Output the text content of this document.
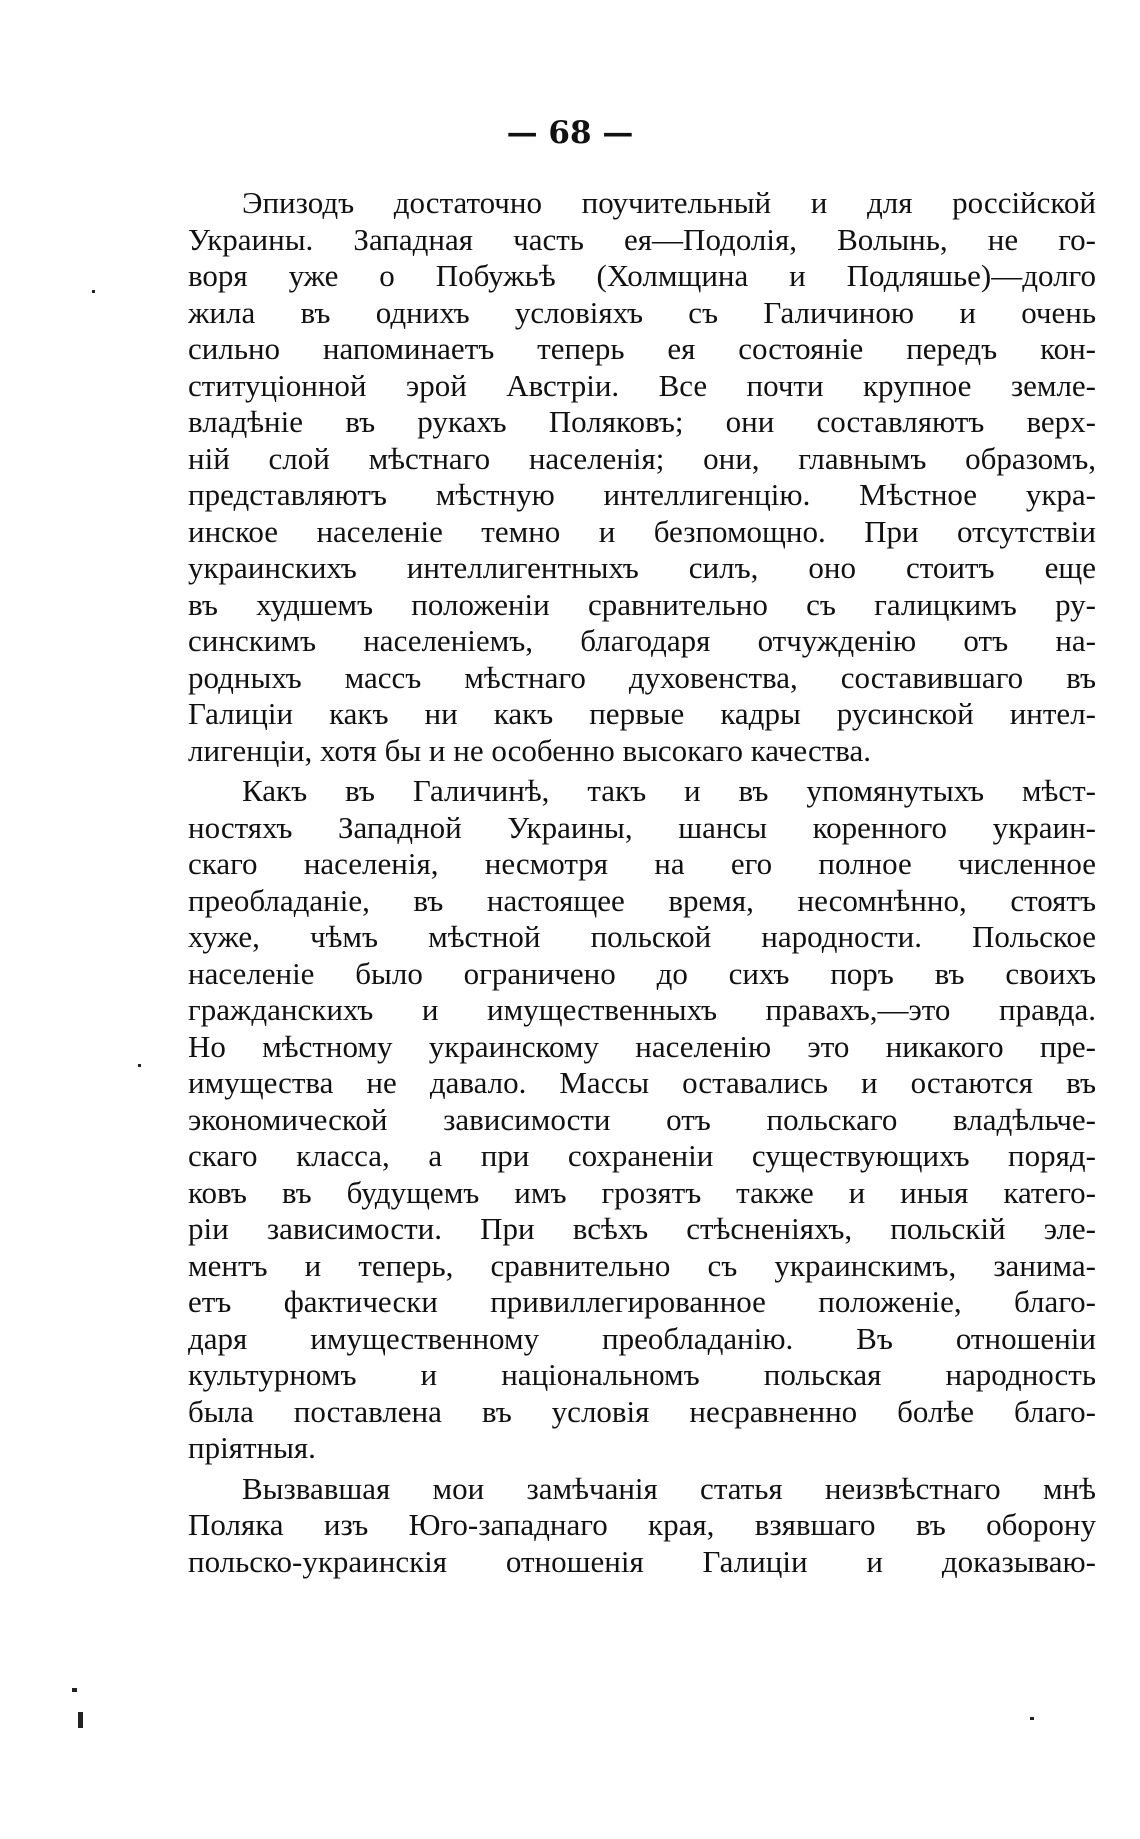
— 68 —
Эпизодъ достаточно поучительный и для россійской
Украины. Западная часть ея—Подолія, Волынь, не го-
воря уже о Побужьѣ (Холмщина и Подляшье)—долго
жила въ однихъ условіяхъ съ Галичиною и очень
сильно напоминаетъ теперь ея состояніе передъ кон-
ституціонной эрой Австріи. Все почти крупное земле-
владѣніе въ рукахъ Поляковъ; они составляютъ верх-
ній слой мѣстнаго населенія; они, главнымъ образомъ,
представляютъ мѣстную интеллигенцію. Мѣстное укра-
инское населеніе темно и безпомощно. При отсутствіи
украинскихъ интеллигентныхъ силъ, оно стоитъ еще
въ худшемъ положеніи сравнительно съ галицкимъ ру-
синскимъ населеніемъ, благодаря отчужденію отъ на-
родныхъ массъ мѣстнаго духовенства, составившаго въ
Галиціи какъ ни какъ первые кадры русинской интел-
лигенціи, хотя бы и не особенно высокаго качества.
Какъ въ Галичинѣ, такъ и въ упомянутыхъ мѣст-
ностяхъ Западной Украины, шансы коренного украин-
скаго населенія, несмотря на его полное численное
преобладаніе, въ настоящее время, несомнѣнно, стоятъ
хуже, чѣмъ мѣстной польской народности. Польское
населеніе было ограничено до сихъ поръ въ своихъ
гражданскихъ и имущественныхъ правахъ,—это правда.
Но мѣстному украинскому населенію это никакого пре-
имущества не давало. Массы оставались и остаются въ
экономической зависимости отъ польскаго владѣльче-
скаго класса, а при сохраненіи существующихъ поряд-
ковъ въ будущемъ имъ грозятъ также и иныя катего-
ріи зависимости. При всѣхъ стѣсненіяхъ, польскій эле-
ментъ и теперь, сравнительно съ украинскимъ, занима-
етъ фактически привиллегированное положеніе, благо-
даря имущественному преобладанію. Въ отношеніи
культурномъ и національномъ польская народность
была поставлена въ условія несравненно болѣе благо-
пріятныя.
Вызвавшая мои замѣчанія статья неизвѣстнаго мнѣ
Поляка изъ Юго-западнаго края, взявшаго въ оборону
польско-украинскія отношенія Галиціи и доказываю-
